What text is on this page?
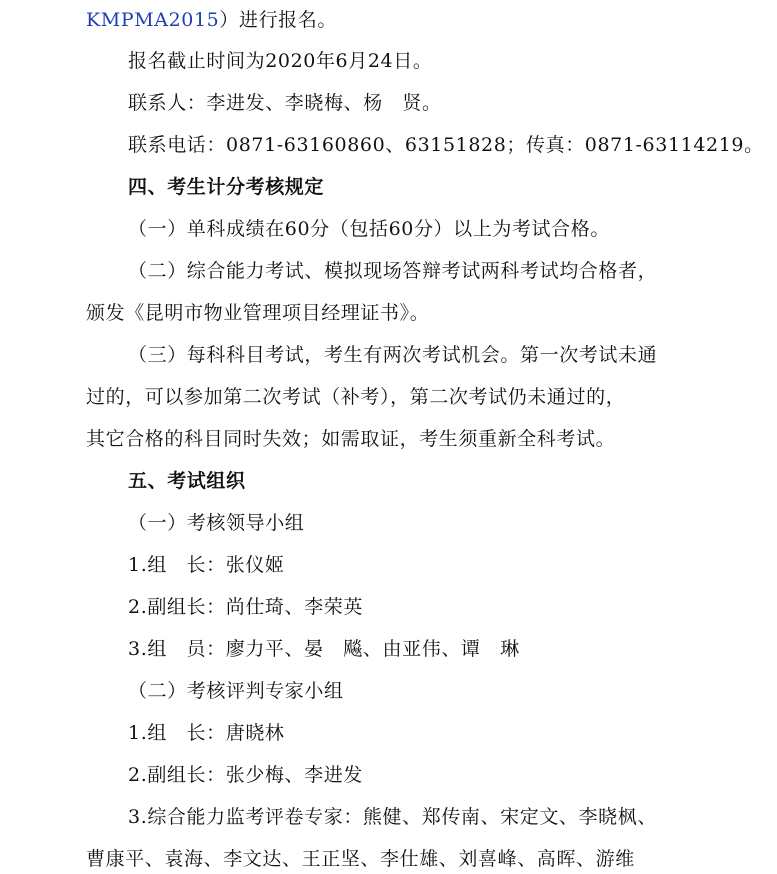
KMPMA2015）进行报名。
报名截止时间为2020年6月24日。
联系人：李进发、李晓梅、杨　贤。
联系电话：0871-63160860、63151828；传真：0871-63114219。
四、考生计分考核规定
（一）单科成绩在60分（包括60分）以上为考试合格。
（二）综合能力考试、模拟现场答辩考试两科考试均合格者，
颁发《昆明市物业管理项目经理证书》。
（三）每科科目考试，考生有两次考试机会。第一次考试未通
过的，可以参加第二次考试（补考），第二次考试仍未通过的，
其它合格的科目同时失效；如需取证，考生须重新全科考试。
五、考试组织
（一）考核领导小组
1.组　长：张仪姬
2.副组长：尚仕琦、李荣英
3.组　员：廖力平、晏　飚、由亚伟、谭　琳
（二）考核评判专家小组
1.组　长：唐晓林
2.副组长：张少梅、李进发
3.综合能力监考评卷专家：熊健、郑传南、宋定文、李晓枫、
曹康平、袁海、李文达、王正坚、李仕雄、刘喜峰、高晖、游维
